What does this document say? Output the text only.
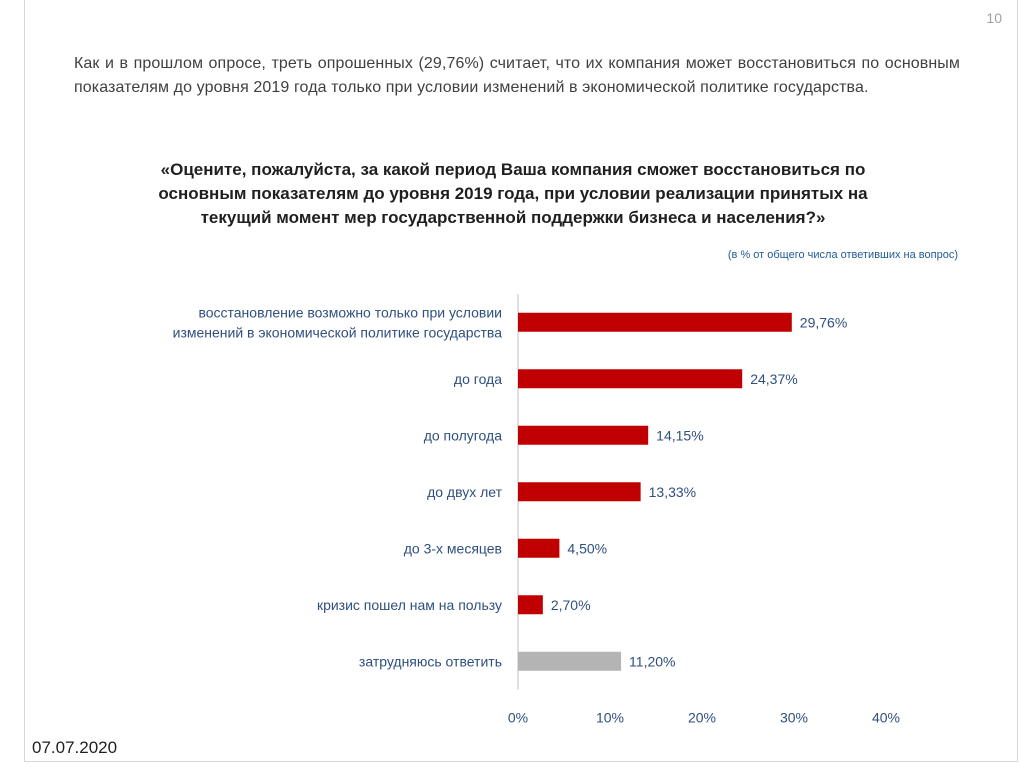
10
Как и в прошлом опросе, треть опрошенных (29,76%) считает, что их компания может восстановиться по основным показателям до уровня 2019 года только при условии изменений в экономической политике государства.
«Оцените, пожалуйста, за какой период Ваша компания сможет восстановиться по основным показателям до уровня 2019 года, при условии реализации принятых на текущий момент мер государственной поддержки бизнеса и населения?»
(в % от общего числа ответивших на вопрос)
29,76%
восстановление возможно только при условии
изменений в экономической политике государства
24,37%
до года
14,15%
до полугода
13,33%
до двух лет
4,50%
до 3-х месяцев
2,70%
кризис пошел нам на пользу
11,20%
затрудняюсь ответить
0%	10%	20%	30%	40%
07.07.2020
